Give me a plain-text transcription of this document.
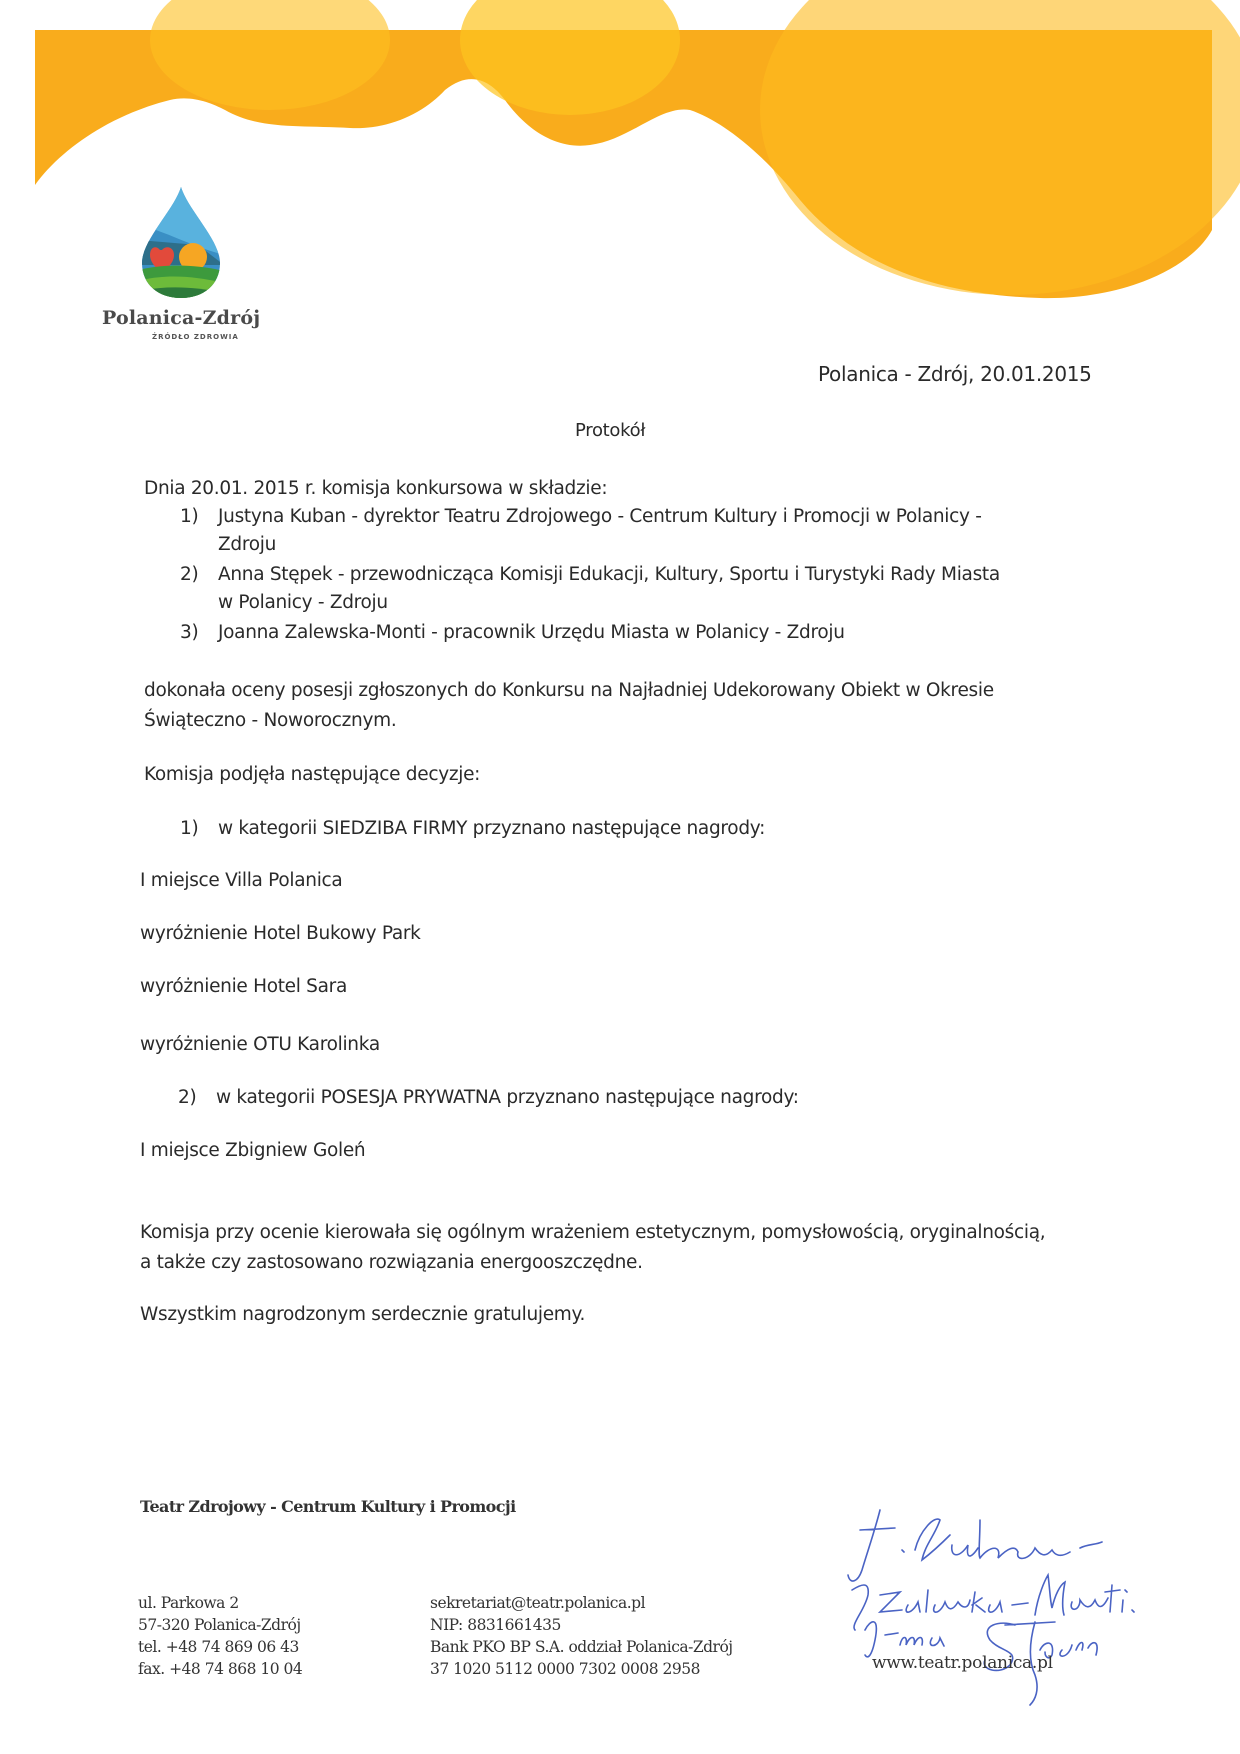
Polanica-Zdrój
ŹRÓDŁO ZDROWIA
Polanica - Zdrój, 20.01.2015
Protokół
Dnia 20.01. 2015 r. komisja konkursowa w składzie:
1) Justyna Kuban - dyrektor Teatru Zdrojowego - Centrum Kultury i Promocji w Polanicy -
Zdroju
2) Anna Stępek - przewodnicząca Komisji Edukacji, Kultury, Sportu i Turystyki Rady Miasta
w Polanicy - Zdroju
3) Joanna Zalewska-Monti - pracownik Urzędu Miasta w Polanicy - Zdroju
dokonała oceny posesji zgłoszonych do Konkursu na Najładniej Udekorowany Obiekt w Okresie
Świąteczno - Noworocznym.
Komisja podjęła następujące decyzje:
1) w kategorii SIEDZIBA FIRMY przyznano następujące nagrody:
I miejsce Villa Polanica
wyróżnienie Hotel Bukowy Park
wyróżnienie Hotel Sara
wyróżnienie OTU Karolinka
2) w kategorii POSESJA PRYWATNA przyznano następujące nagrody:
I miejsce Zbigniew Goleń
Komisja przy ocenie kierowała się ogólnym wrażeniem estetycznym, pomysłowością, oryginalnością,
a także czy zastosowano rozwiązania energooszczędne.
Wszystkim nagrodzonym serdecznie gratulujemy.
Teatr Zdrojowy - Centrum Kultury i Promocji
ul. Parkowa 2
57-320 Polanica-Zdrój
tel. +48 74 869 06 43
fax. +48 74 868 10 04
sekretariat@teatr.polanica.pl
NIP: 8831661435
Bank PKO BP S.A. oddział Polanica-Zdrój
37 1020 5112 0000 7302 0008 2958	www.teatr.polanica.pl
